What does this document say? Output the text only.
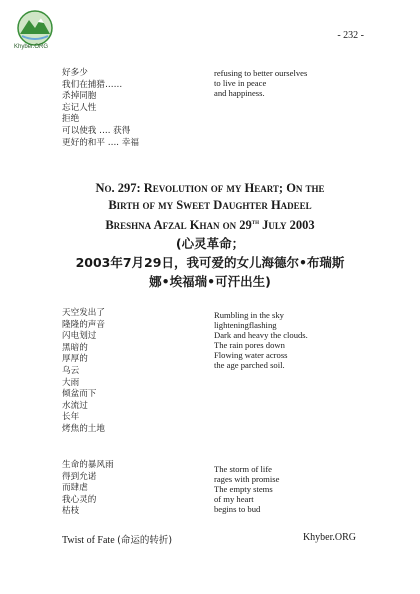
Khyber.ORG
- 232 -
好多少
我们在捕猎……
杀掉同胞
忘记人性
拒绝
可以使我 …. 获得
更好的和平 …. 幸福
refusing to better ourselves
to live in peace
and happiness.
No. 297: Revolution of my Heart; On the
Birth of my Sweet Daughter Hadeel
Breshna Afzal Khan on 29th July 2003
(心灵革命；
2003年7月29日，我可爱的女儿海德尔•布瑞斯
娜•埃福瑞•可汗出生)
天空发出了
隆隆的声音
闪电划过
黑暗的
厚厚的
乌云
大雨
倾盆而下
水流过
长年
烤焦的土地
Rumbling in the sky
lighteningflashing
Dark and heavy the clouds.
The rain pores down
Flowing water across
the age parched soil.
生命的暴风雨
得到允诺
而肆虐
我心灵的
枯枝
The storm of life
rages with promise
The empty stems
of my heart
begins to bud
Twist of Fate (命运的转折)	Khyber.ORG
